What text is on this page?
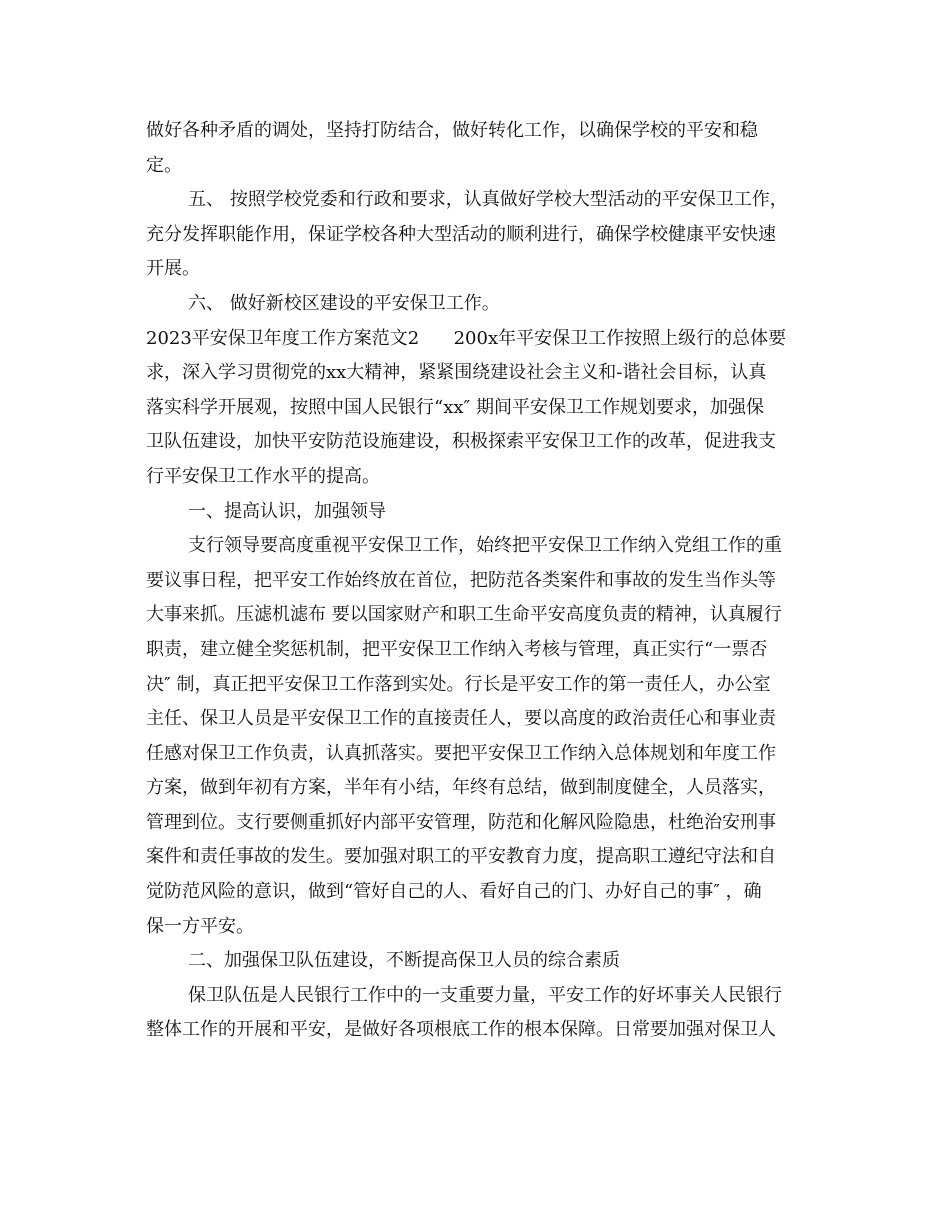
做好各种矛盾的调处，坚持打防结合，做好转化工作，以确保学校的平安和稳
定。
五、 按照学校党委和行政和要求，认真做好学校大型活动的平安保卫工作，
充分发挥职能作用，保证学校各种大型活动的顺利进行，确保学校健康平安快速
开展。
六、 做好新校区建设的平安保卫工作。
2023平安保卫年度工作方案范文2      200x年平安保卫工作按照上级行的总体要
求，深入学习贯彻党的xx大精神，紧紧围绕建设社会主义和-谐社会目标，认真
落实科学开展观，按照中国人民银行“xx″ 期间平安保卫工作规划要求，加强保
卫队伍建设，加快平安防范设施建设，积极探索平安保卫工作的改革，促进我支
行平安保卫工作水平的提高。
一、提高认识，加强领导
支行领导要高度重视平安保卫工作，始终把平安保卫工作纳入党组工作的重
要议事日程，把平安工作始终放在首位，把防范各类案件和事故的发生当作头等
大事来抓。压滤机滤布 要以国家财产和职工生命平安高度负责的精神，认真履行
职责，建立健全奖惩机制，把平安保卫工作纳入考核与管理，真正实行“一票否
决″ 制，真正把平安保卫工作落到实处。行长是平安工作的第一责任人，办公室
主任、保卫人员是平安保卫工作的直接责任人，要以高度的政治责任心和事业责
任感对保卫工作负责，认真抓落实。要把平安保卫工作纳入总体规划和年度工作
方案，做到年初有方案，半年有小结，年终有总结，做到制度健全，人员落实，
管理到位。支行要侧重抓好内部平安管理，防范和化解风险隐患，杜绝治安刑事
案件和责任事故的发生。要加强对职工的平安教育力度，提高职工遵纪守法和自
觉防范风险的意识，做到“管好自己的人、看好自己的门、办好自己的事″ ，确
保一方平安。
二、加强保卫队伍建设，不断提高保卫人员的综合素质
保卫队伍是人民银行工作中的一支重要力量，平安工作的好坏事关人民银行
整体工作的开展和平安，是做好各项根底工作的根本保障。日常要加强对保卫人
